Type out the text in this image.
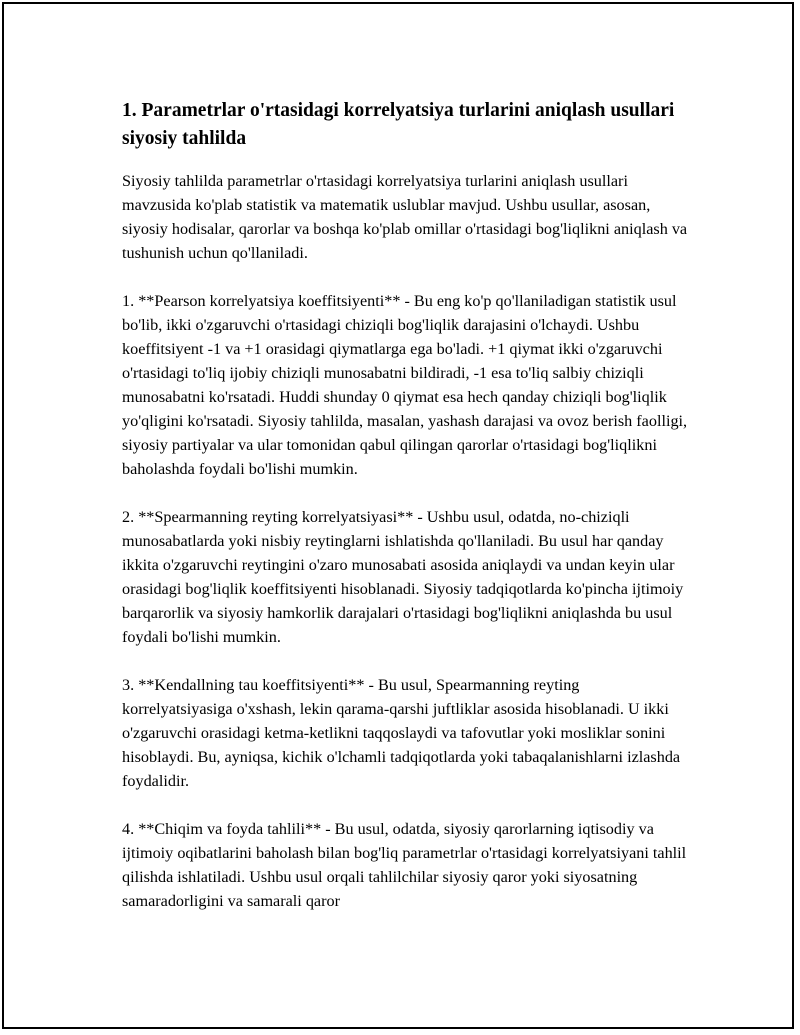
1. Parametrlar o'rtasidagi korrelyatsiya turlarini aniqlash usullari siyosiy tahlilda

Siyosiy tahlilda parametrlar o'rtasidagi korrelyatsiya turlarini aniqlash usullari mavzusida ko'plab statistik va matematik uslublar mavjud. Ushbu usullar, asosan, siyosiy hodisalar, qarorlar va boshqa ko'plab omillar o'rtasidagi bog'liqlikni aniqlash va tushunish uchun qo'llaniladi.

1. **Pearson korrelyatsiya koeffitsiyenti** - Bu eng ko'p qo'llaniladigan statistik usul bo'lib, ikki o'zgaruvchi o'rtasidagi chiziqli bog'liqlik darajasini o'lchaydi. Ushbu koeffitsiyent -1 va +1 orasidagi qiymatlarga ega bo'ladi. +1 qiymat ikki o'zgaruvchi o'rtasidagi to'liq ijobiy chiziqli munosabatni bildiradi, -1 esa to'liq salbiy chiziqli munosabatni ko'rsatadi. Huddi shunday 0 qiymat esa hech qanday chiziqli bog'liqlik yo'qligini ko'rsatadi. Siyosiy tahlilda, masalan, yashash darajasi va ovoz berish faolligi, siyosiy partiyalar va ular tomonidan qabul qilingan qarorlar o'rtasidagi bog'liqlikni baholashda foydali bo'lishi mumkin.

2. **Spearmanning reyting korrelyatsiyasi** - Ushbu usul, odatda, no-chiziqli munosabatlarda yoki nisbiy reytinglarni ishlatishda qo'llaniladi. Bu usul har qanday ikkita o'zgaruvchi reytingini o'zaro munosabati asosida aniqlaydi va undan keyin ular orasidagi bog'liqlik koeffitsiyenti hisoblanadi. Siyosiy tadqiqotlarda ko'pincha ijtimoiy barqarorlik va siyosiy hamkorlik darajalari o'rtasidagi bog'liqlikni aniqlashda bu usul foydali bo'lishi mumkin.

3. **Kendallning tau koeffitsiyenti** - Bu usul, Spearmanning reyting korrelyatsiyasiga o'xshash, lekin qarama-qarshi juftliklar asosida hisoblanadi. U ikki o'zgaruvchi orasidagi ketma-ketlikni taqqoslaydi va tafovutlar yoki mosliklar sonini hisoblaydi. Bu, ayniqsa, kichik o'lchamli tadqiqotlarda yoki tabaqalanishlarni izlashda foydalidir.

4. **Chiqim va foyda tahlili** - Bu usul, odatda, siyosiy qarorlarning iqtisodiy va ijtimoiy oqibatlarini baholash bilan bog'liq parametrlar o'rtasidagi korrelyatsiyani tahlil qilishda ishlatiladi. Ushbu usul orqali tahlilchilar siyosiy qaror yoki siyosatning samaradorligini va samarali qaror
